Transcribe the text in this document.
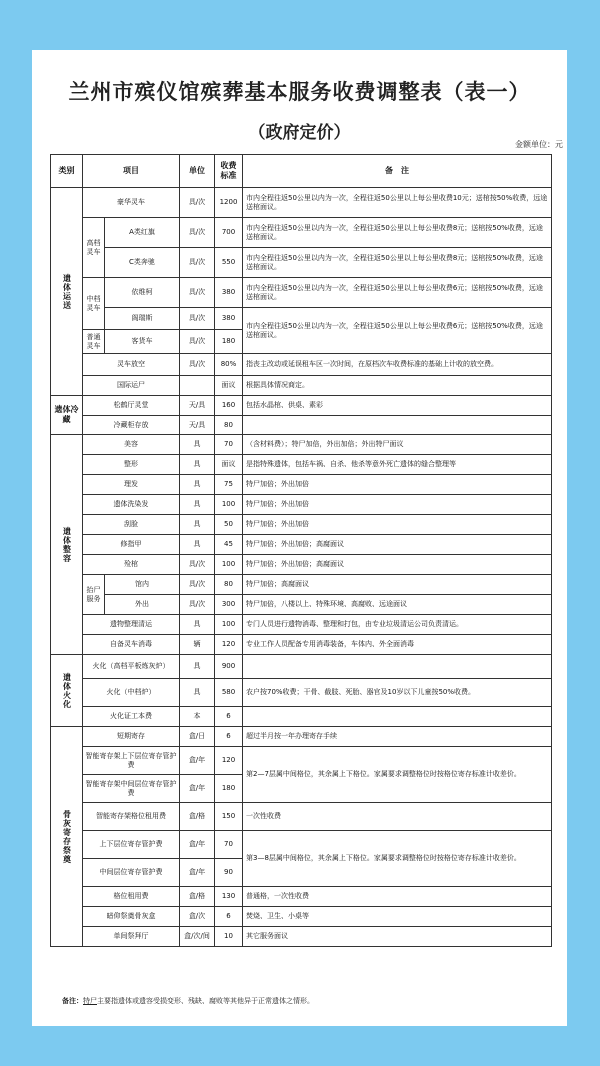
兰州市殡仪馆殡葬基本服务收费调整表（表一）
（政府定价）
金额单位：元
类别	项目		单位	收费标准	备　注

遗体运送	豪华灵车		具/次	1200	市内全程往返50公里以内为一次，全程往返50公里以上每公里收费10元；送棺按50%收费，远途送棺面议。
	高档灵车	A类红旗	具/次	700	市内全程往返50公里以内为一次，全程往返50公里以上每公里收费8元；送棺按50%收费，远途送棺面议。
		C类奔驰	具/次	550	市内全程往返50公里以内为一次，全程往返50公里以上每公里收费8元；送棺按50%收费，远途送棺面议。
	中档灵车	依维柯	具/次	380	市内全程往返50公里以内为一次，全程往返50公里以上每公里收费6元；送棺按50%收费，远途送棺面议。
		阁瑞斯	具/次	380	市内全程往返50公里以内为一次，全程往返50公里以上每公里收费6元；送棺按50%收费，远途送棺面议。
	普通灵车	客货车	具/次	180	
	灵车放空		具/次	80%	指丧主改动或延误租车区一次时间，在原档次车收费标准的基础上计收的放空费。
	国际运尸			面议	根据具体情况商定。
遗体冷藏	松鹤厅灵堂		天/具	160	包括水晶棺、供桌、素彩
	冷藏柜存放		天/具	80	

遗体整容	美容		具	70	（含材料费）；特尸加倍，外出加倍；外出特尸面议
	整形		具	面议	是指特殊遗体，包括车祸、自杀、他杀等意外死亡遗体的缝合整理等
	理发		具	75	特尸加倍；外出加倍
	遗体洗染发		具	100	特尸加倍；外出加倍
	刮脸		具	50	特尸加倍；外出加倍
	修指甲		具	45	特尸加倍；外出加倍；高腐面议
	殓棺		具/次	100	特尸加倍；外出加倍；高腐面议
	抬尸服务	馆内	具/次	80	特尸加倍；高腐面议
		外出	具/次	300	特尸加倍，八楼以上、特殊环境、高腐败、远途面议
	遗物整理清运		具	100	专门人员进行遗物消毒、整理和打包，由专业垃圾清运公司负责清运。
	自备灵车消毒		辆	120	专业工作人员配备专用消毒装备，车体内、外全面消毒

遗体火化	火化（高档平板炼灰炉）		具	900	
	火化（中档炉）		具	580	农户按70%收费；干骨、截肢、死胎、器官及10岁以下儿童按50%收费。
	火化证工本费		本	6	

骨灰寄存祭奠	短期寄存		盒/日	6	超过半月按一年办理寄存手续
	智能寄存架上下层位寄存管护费		盒/年	120	第2—7层属中间格位，其余属上下格位。家属要求调整格位时按格位寄存标准计收差价。
	智能寄存架中间层位寄存管护费		盒/年	180	
	智能寄存架格位租用费		盒/格	150	一次性收费
	上下层位寄存管护费		盒/年	70	第3—8层属中间格位，其余属上下格位。家属要求调整格位时按格位寄存标准计收差价。
	中间层位寄存管护费		盒/年	90	
	格位租用费		盒/格	130	普通格，一次性收费
	暗仰祭奠骨灰盒		盒/次	6	焚烧、卫生、小桌等
	单间祭拜厅		盒/次/间	10	其它服务面议
备注：特尸主要指遗体或遗容受损变形、残缺、腐败等其他异于正常遗体之情形。
